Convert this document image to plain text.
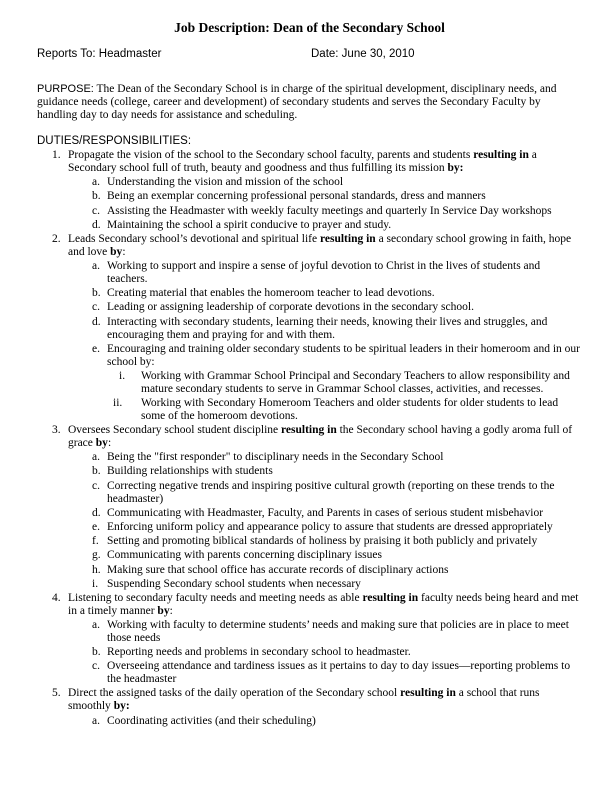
Job Description: Dean of the Secondary School
Reports To: Headmaster	Date: June 30, 2010
PURPOSE: The Dean of the Secondary School is in charge of the spiritual development, disciplinary needs, and guidance needs (college, career and development) of secondary students and serves the Secondary Faculty by handling day to day needs for assistance and scheduling.
DUTIES/RESPONSIBILITIES:
1. Propagate the vision of the school to the Secondary school faculty, parents and students resulting in a Secondary school full of truth, beauty and goodness and thus fulfilling its mission by:
a. Understanding the vision and mission of the school
b. Being an exemplar concerning professional personal standards, dress and manners
c. Assisting the Headmaster with weekly faculty meetings and quarterly In Service Day workshops
d. Maintaining the school a spirit conducive to prayer and study.
2. Leads Secondary school’s devotional and spiritual life resulting in a secondary school growing in faith, hope and love by:
a. Working to support and inspire a sense of joyful devotion to Christ in the lives of students and teachers.
b. Creating material that enables the homeroom teacher to lead devotions.
c. Leading or assigning leadership of corporate devotions in the secondary school.
d. Interacting with secondary students, learning their needs, knowing their lives and struggles, and encouraging them and praying for and with them.
e. Encouraging and training older secondary students to be spiritual leaders in their homeroom and in our school by:
i. Working with Grammar School Principal and Secondary Teachers to allow responsibility and mature secondary students to serve in Grammar School classes, activities, and recesses.
ii. Working with Secondary Homeroom Teachers and older students for older students to lead some of the homeroom devotions.
3. Oversees Secondary school student discipline resulting in the Secondary school having a godly aroma full of grace by:
a. Being the "first responder" to disciplinary needs in the Secondary School
b. Building relationships with students
c. Correcting negative trends and inspiring positive cultural growth (reporting on these trends to the headmaster)
d. Communicating with Headmaster, Faculty, and Parents in cases of serious student misbehavior
e. Enforcing uniform policy and appearance policy to assure that students are dressed appropriately
f. Setting and promoting biblical standards of holiness by praising it both publicly and privately
g. Communicating with parents concerning disciplinary issues
h. Making sure that school office has accurate records of disciplinary actions
i. Suspending Secondary school students when necessary
4. Listening to secondary faculty needs and meeting needs as able resulting in faculty needs being heard and met in a timely manner by:
a. Working with faculty to determine students’ needs and making sure that policies are in place to meet those needs
b. Reporting needs and problems in secondary school to headmaster.
c. Overseeing attendance and tardiness issues as it pertains to day to day issues—reporting problems to the headmaster
5. Direct the assigned tasks of the daily operation of the Secondary school resulting in a school that runs smoothly by:
a. Coordinating activities (and their scheduling)
